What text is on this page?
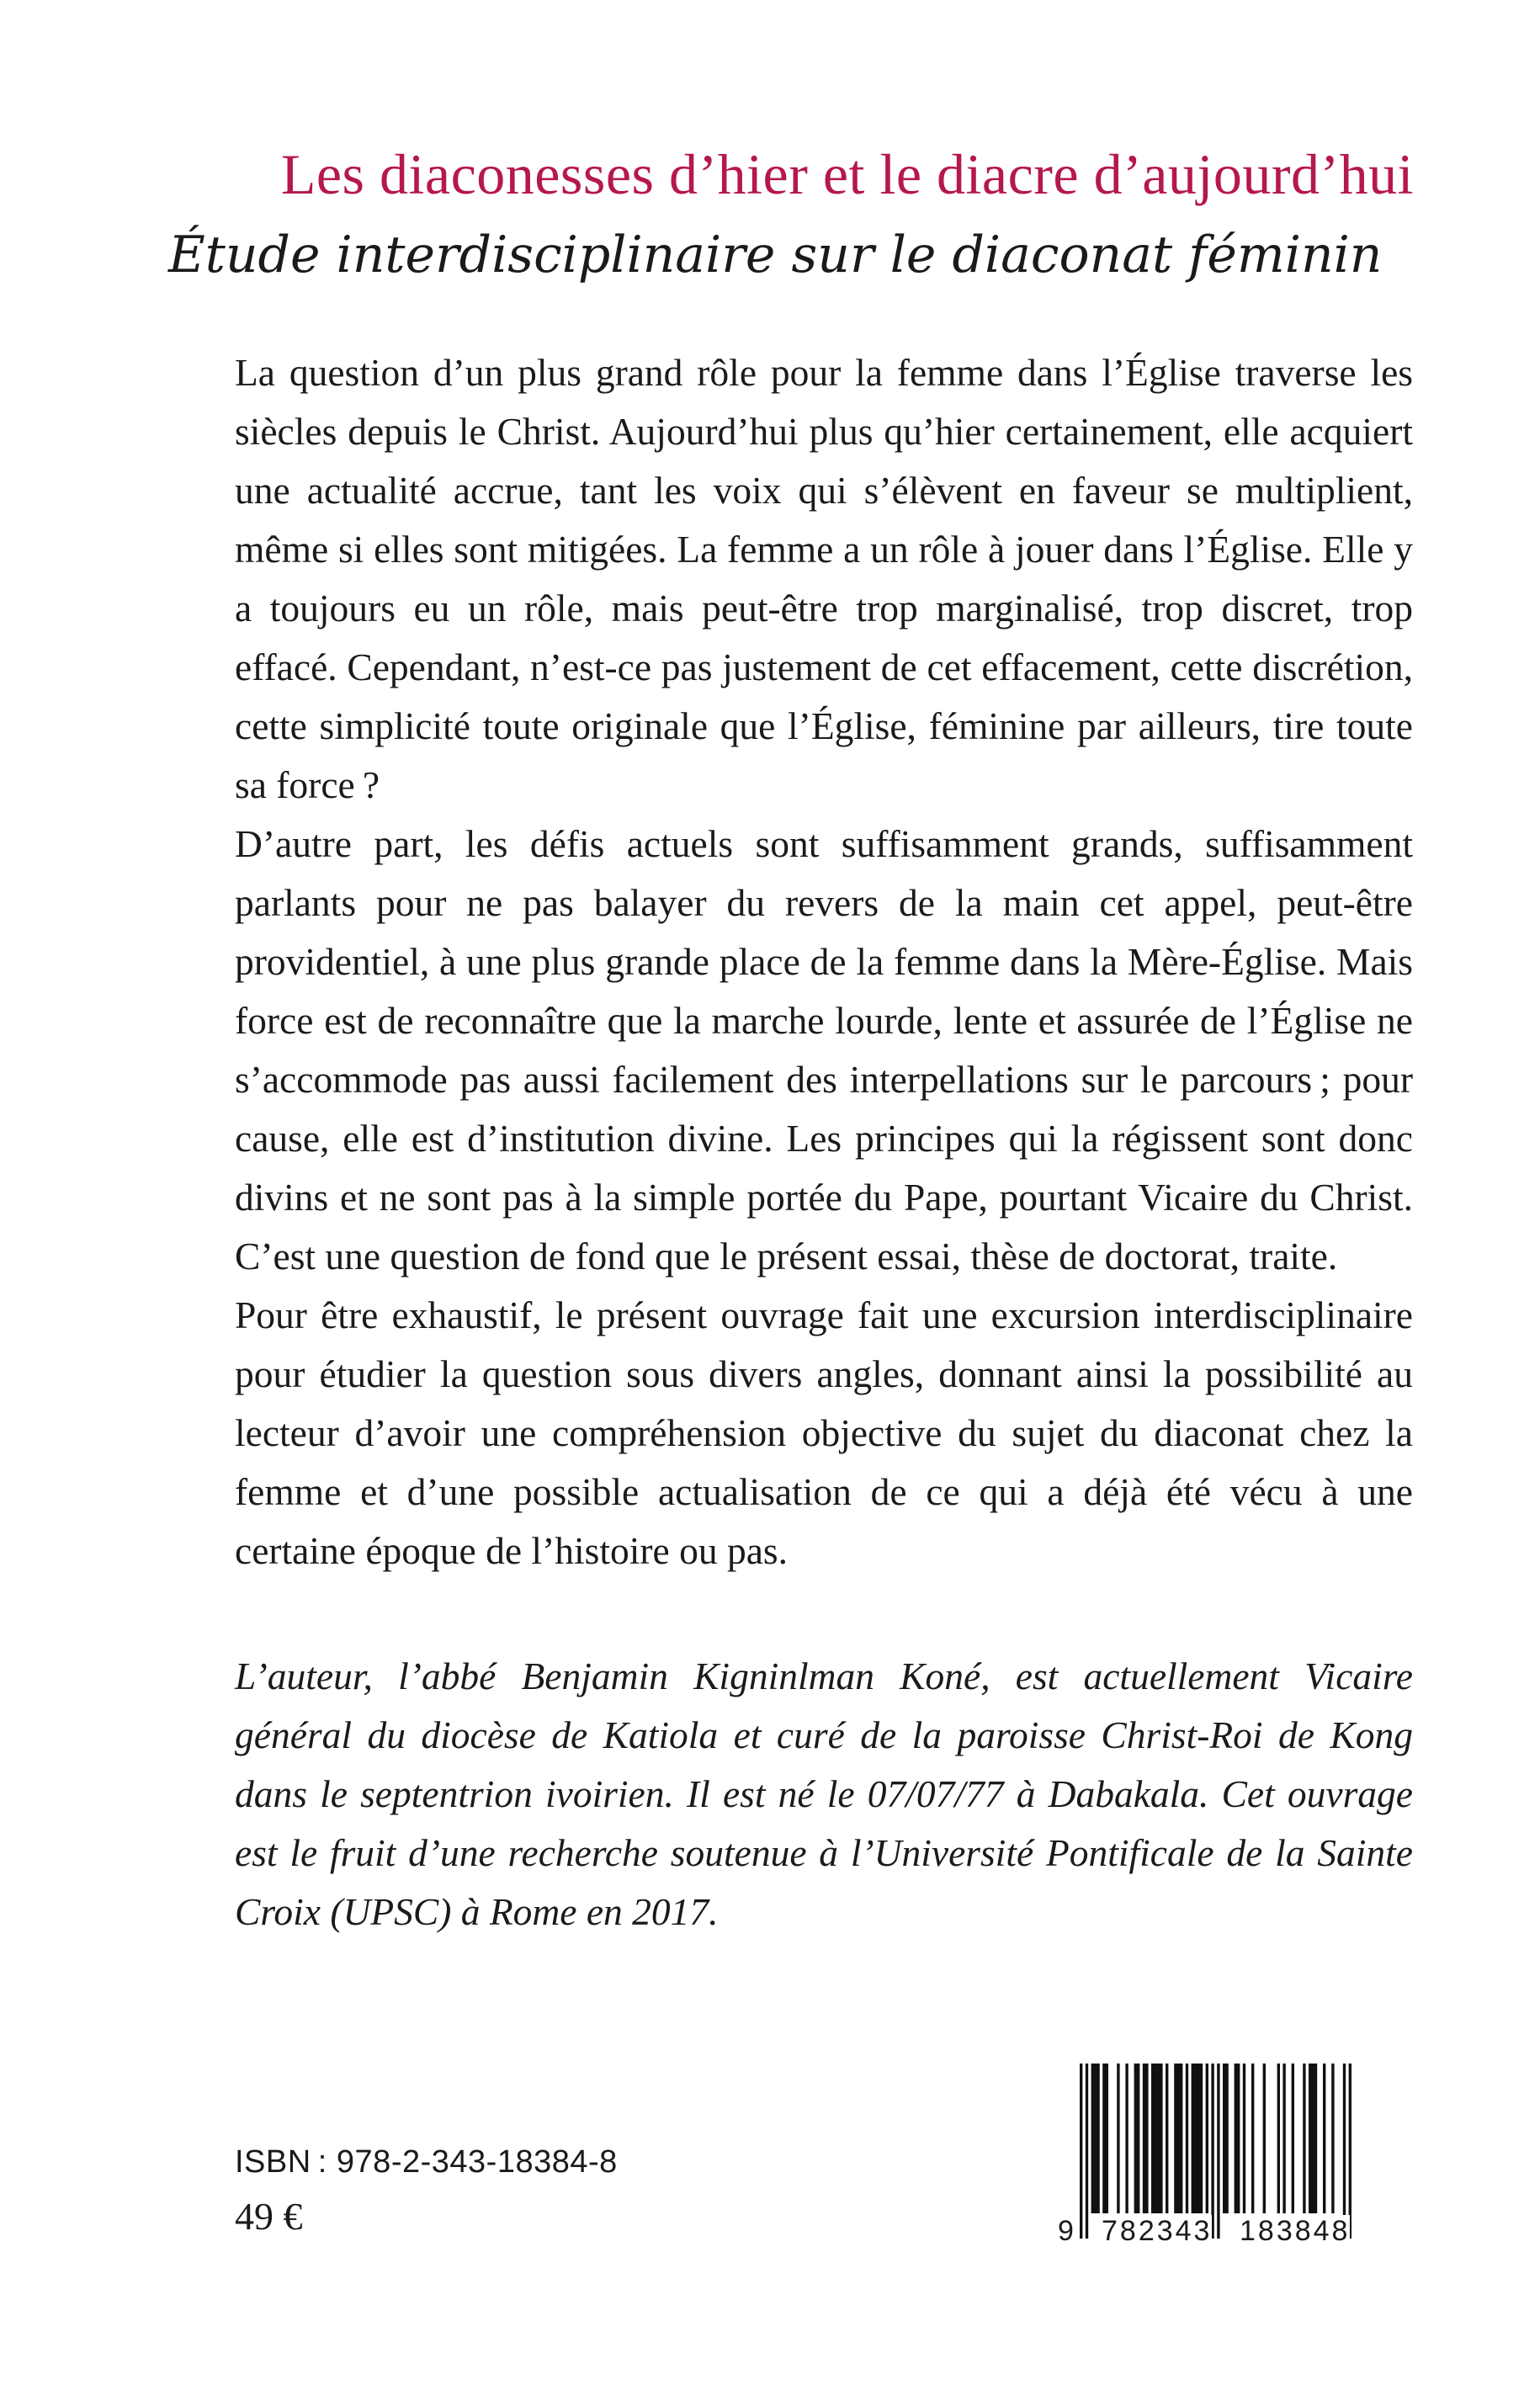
Les diaconesses d’hier et le diacre d’aujourd’hui
Étude interdisciplinaire sur le diaconat féminin

La question d’un plus grand rôle pour la femme dans l’Église traverse les siècles depuis le Christ. Aujourd’hui plus qu’hier certainement, elle acquiert une actualité accrue, tant les voix qui s’élèvent en faveur se multiplient, même si elles sont mitigées. La femme a un rôle à jouer dans l’Église. Elle y a toujours eu un rôle, mais peut-être trop marginalisé, trop discret, trop effacé. Cependant, n’est-ce pas justement de cet effacement, cette discrétion, cette simplicité toute originale que l’Église, féminine par ailleurs, tire toute sa force ?

D’autre part, les défis actuels sont suffisamment grands, suffisamment parlants pour ne pas balayer du revers de la main cet appel, peut-être providentiel, à une plus grande place de la femme dans la Mère-Église. Mais force est de reconnaître que la marche lourde, lente et assurée de l’Église ne s’accommode pas aussi facilement des interpellations sur le parcours ; pour cause, elle est d’institution divine. Les principes qui la régissent sont donc divins et ne sont pas à la simple portée du Pape, pourtant Vicaire du Christ. C’est une question de fond que le présent essai, thèse de doctorat, traite.

Pour être exhaustif, le présent ouvrage fait une excursion interdisciplinaire pour étudier la question sous divers angles, donnant ainsi la possibilité au lecteur d’avoir une compréhension objective du sujet du diaconat chez la femme et d’une possible actualisation de ce qui a déjà été vécu à une certaine époque de l’histoire ou pas.

L’auteur, l’abbé Benjamin Kigninlman Koné, est actuellement Vicaire général du diocèse de Katiola et curé de la paroisse Christ-Roi de Kong dans le septentrion ivoirien. Il est né le 07/07/77 à Dabakala. Cet ouvrage est le fruit d’une recherche soutenue à l’Université Pontificale de la Sainte Croix (UPSC) à Rome en 2017.

ISBN : 978-2-343-18384-8
49 €	9 782343 183848
